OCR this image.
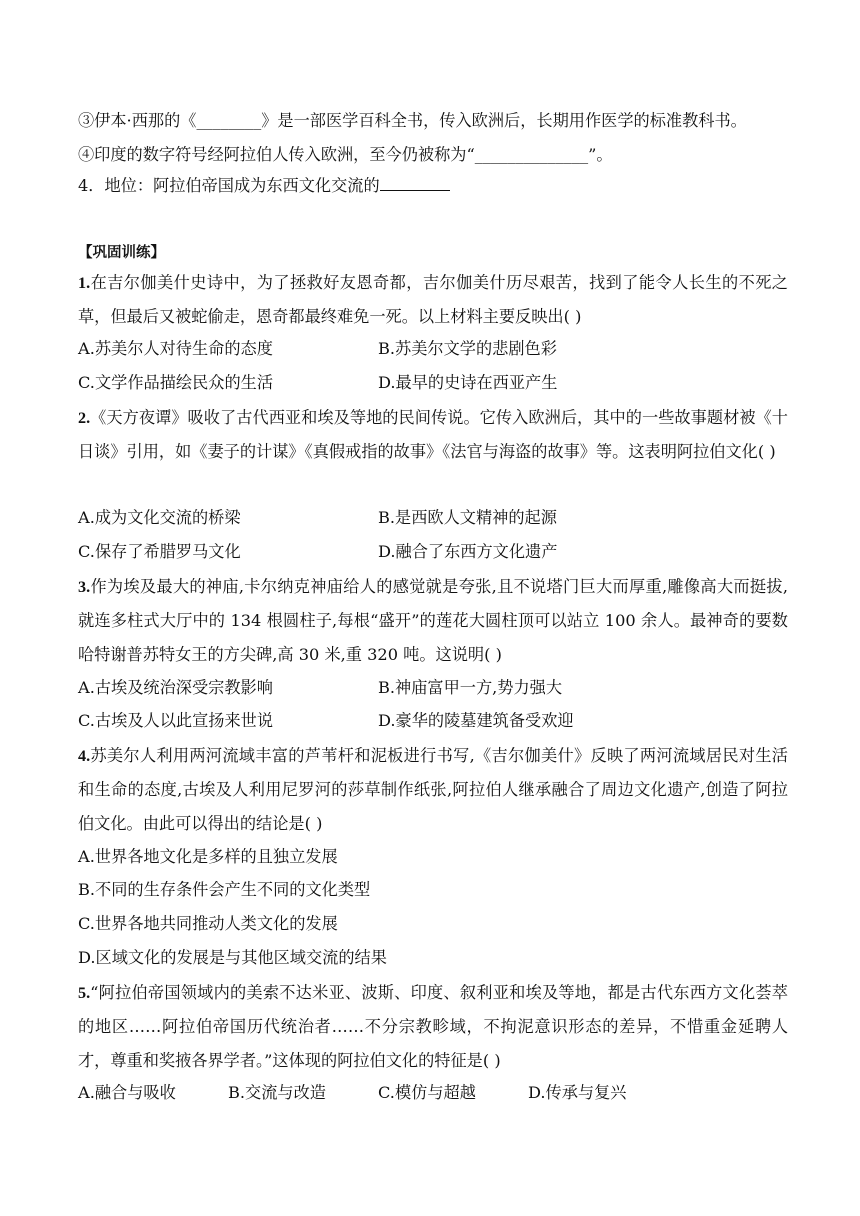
③伊本·西那的《________》是一部医学百科全书，传入欧洲后，长期用作医学的标准教科书。
④印度的数字符号经阿拉伯人传入欧洲，至今仍被称为“______________”。
4．地位：阿拉伯帝国成为东西文化交流的
【巩固训练】
1.在吉尔伽美什史诗中，为了拯救好友恩奇都，吉尔伽美什历尽艰苦，找到了能令人长生的不死之草，但最后又被蛇偷走，恩奇都最终难免一死。以上材料主要反映出( )
A.苏美尔人对待生命的态度	B.苏美尔文学的悲剧色彩
C.文学作品描绘民众的生活	D.最早的史诗在西亚产生
2.《天方夜谭》吸收了古代西亚和埃及等地的民间传说。它传入欧洲后，其中的一些故事题材被《十日谈》引用，如《妻子的计谋》《真假戒指的故事》《法官与海盗的故事》等。这表明阿拉伯文化( )
A.成为文化交流的桥梁	B.是西欧人文精神的起源
C.保存了希腊罗马文化	D.融合了东西方文化遗产
3.作为埃及最大的神庙,卡尔纳克神庙给人的感觉就是夸张,且不说塔门巨大而厚重,雕像高大而挺拔,就连多柱式大厅中的 134 根圆柱子,每根“盛开”的莲花大圆柱顶可以站立 100 余人。最神奇的要数哈特谢普苏特女王的方尖碑,高 30 米,重 320 吨。这说明( )
A.古埃及统治深受宗教影响	B.神庙富甲一方,势力强大
C.古埃及人以此宣扬来世说	D.豪华的陵墓建筑备受欢迎
4.苏美尔人利用两河流域丰富的芦苇杆和泥板进行书写,《吉尔伽美什》反映了两河流域居民对生活和生命的态度,古埃及人利用尼罗河的莎草制作纸张,阿拉伯人继承融合了周边文化遗产,创造了阿拉伯文化。由此可以得出的结论是( )
A.世界各地文化是多样的且独立发展
B.不同的生存条件会产生不同的文化类型
C.世界各地共同推动人类文化的发展
D.区域文化的发展是与其他区域交流的结果
5.“阿拉伯帝国领域内的美索不达米亚、波斯、印度、叙利亚和埃及等地，都是古代东西方文化荟萃的地区……阿拉伯帝国历代统治者……不分宗教畛域，不拘泥意识形态的差异，不惜重金延聘人才，尊重和奖掖各界学者。”这体现的阿拉伯文化的特征是( )
A.融合与吸收	B.交流与改造	C.模仿与超越	D.传承与复兴
